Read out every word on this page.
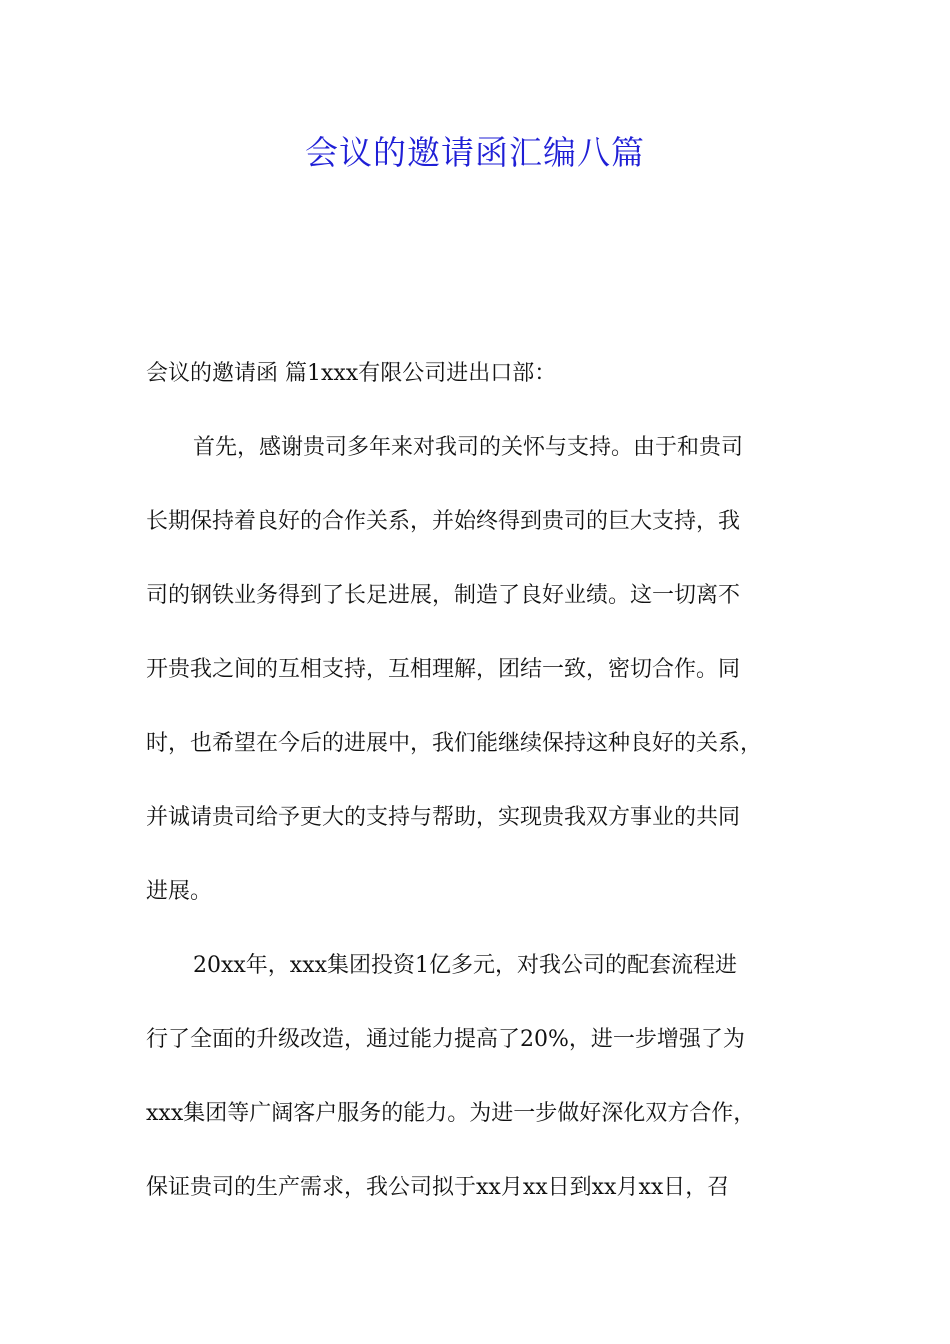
会议的邀请函汇编八篇
会议的邀请函 篇1xxx有限公司进出口部：
首先，感谢贵司多年来对我司的关怀与支持。由于和贵司
长期保持着良好的合作关系，并始终得到贵司的巨大支持，我
司的钢铁业务得到了长足进展，制造了良好业绩。这一切离不
开贵我之间的互相支持，互相理解，团结一致，密切合作。同
时，也希望在今后的进展中，我们能继续保持这种良好的关系，
并诚请贵司给予更大的支持与帮助，实现贵我双方事业的共同
进展。
20xx年，xxx集团投资1亿多元，对我公司的配套流程进
行了全面的升级改造，通过能力提高了20%，进一步增强了为
xxx集团等广阔客户服务的能力。为进一步做好深化双方合作，
保证贵司的生产需求，我公司拟于xx月xx日到xx月xx日，召
